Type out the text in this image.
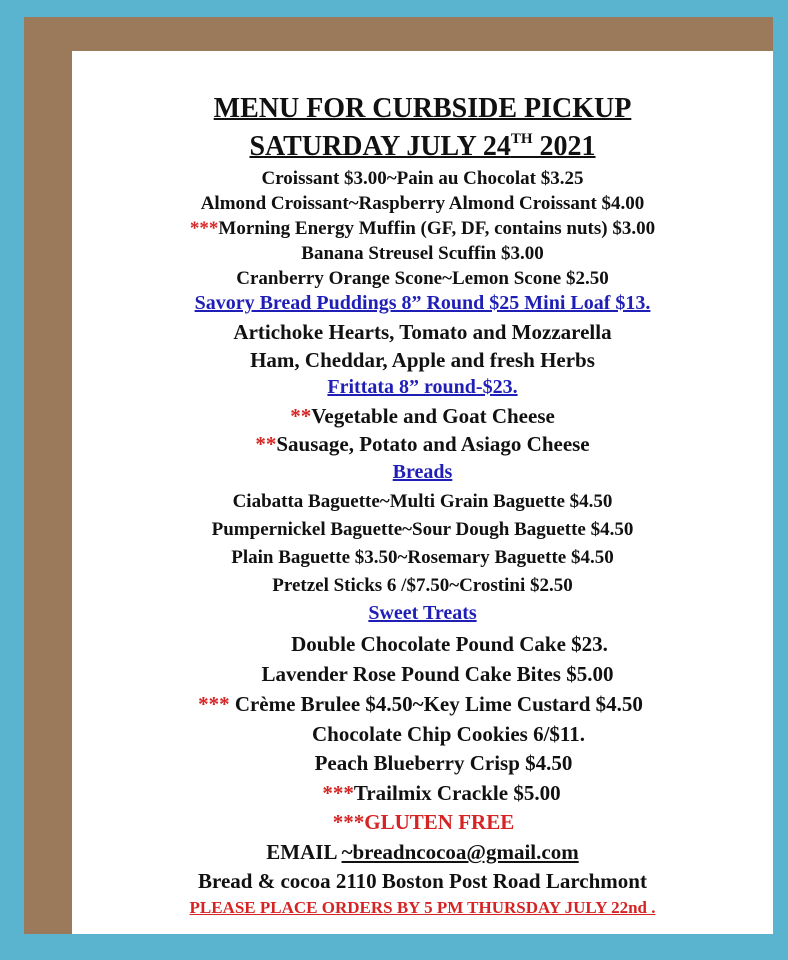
MENU FOR CURBSIDE PICKUP
SATURDAY JULY 24TH 2021
Croissant $3.00~Pain au Chocolat $3.25
Almond Croissant~Raspberry Almond Croissant $4.00
***Morning Energy Muffin (GF, DF, contains nuts) $3.00
Banana Streusel Scuffin $3.00
Cranberry Orange Scone~Lemon Scone $2.50
Savory Bread Puddings 8” Round $25 Mini Loaf $13.
Artichoke Hearts, Tomato and Mozzarella
Ham, Cheddar, Apple and fresh Herbs
Frittata 8” round-$23.
**Vegetable and Goat Cheese
**Sausage, Potato and Asiago Cheese
Breads
Ciabatta Baguette~Multi Grain Baguette $4.50
Pumpernickel Baguette~Sour Dough Baguette $4.50
Plain Baguette $3.50~Rosemary Baguette $4.50
Pretzel Sticks 6 /$7.50~Crostini $2.50
Sweet Treats
Double Chocolate Pound Cake $23.
Lavender Rose Pound Cake Bites $5.00
*** Crème Brulee $4.50~Key Lime Custard $4.50
Chocolate Chip Cookies 6/$11.
Peach Blueberry Crisp $4.50
***Trailmix Crackle $5.00
***GLUTEN FREE
EMAIL ~breadncocoa@gmail.com
Bread & cocoa 2110 Boston Post Road Larchmont
PLEASE PLACE ORDERS BY 5 PM THURSDAY JULY 22nd .
